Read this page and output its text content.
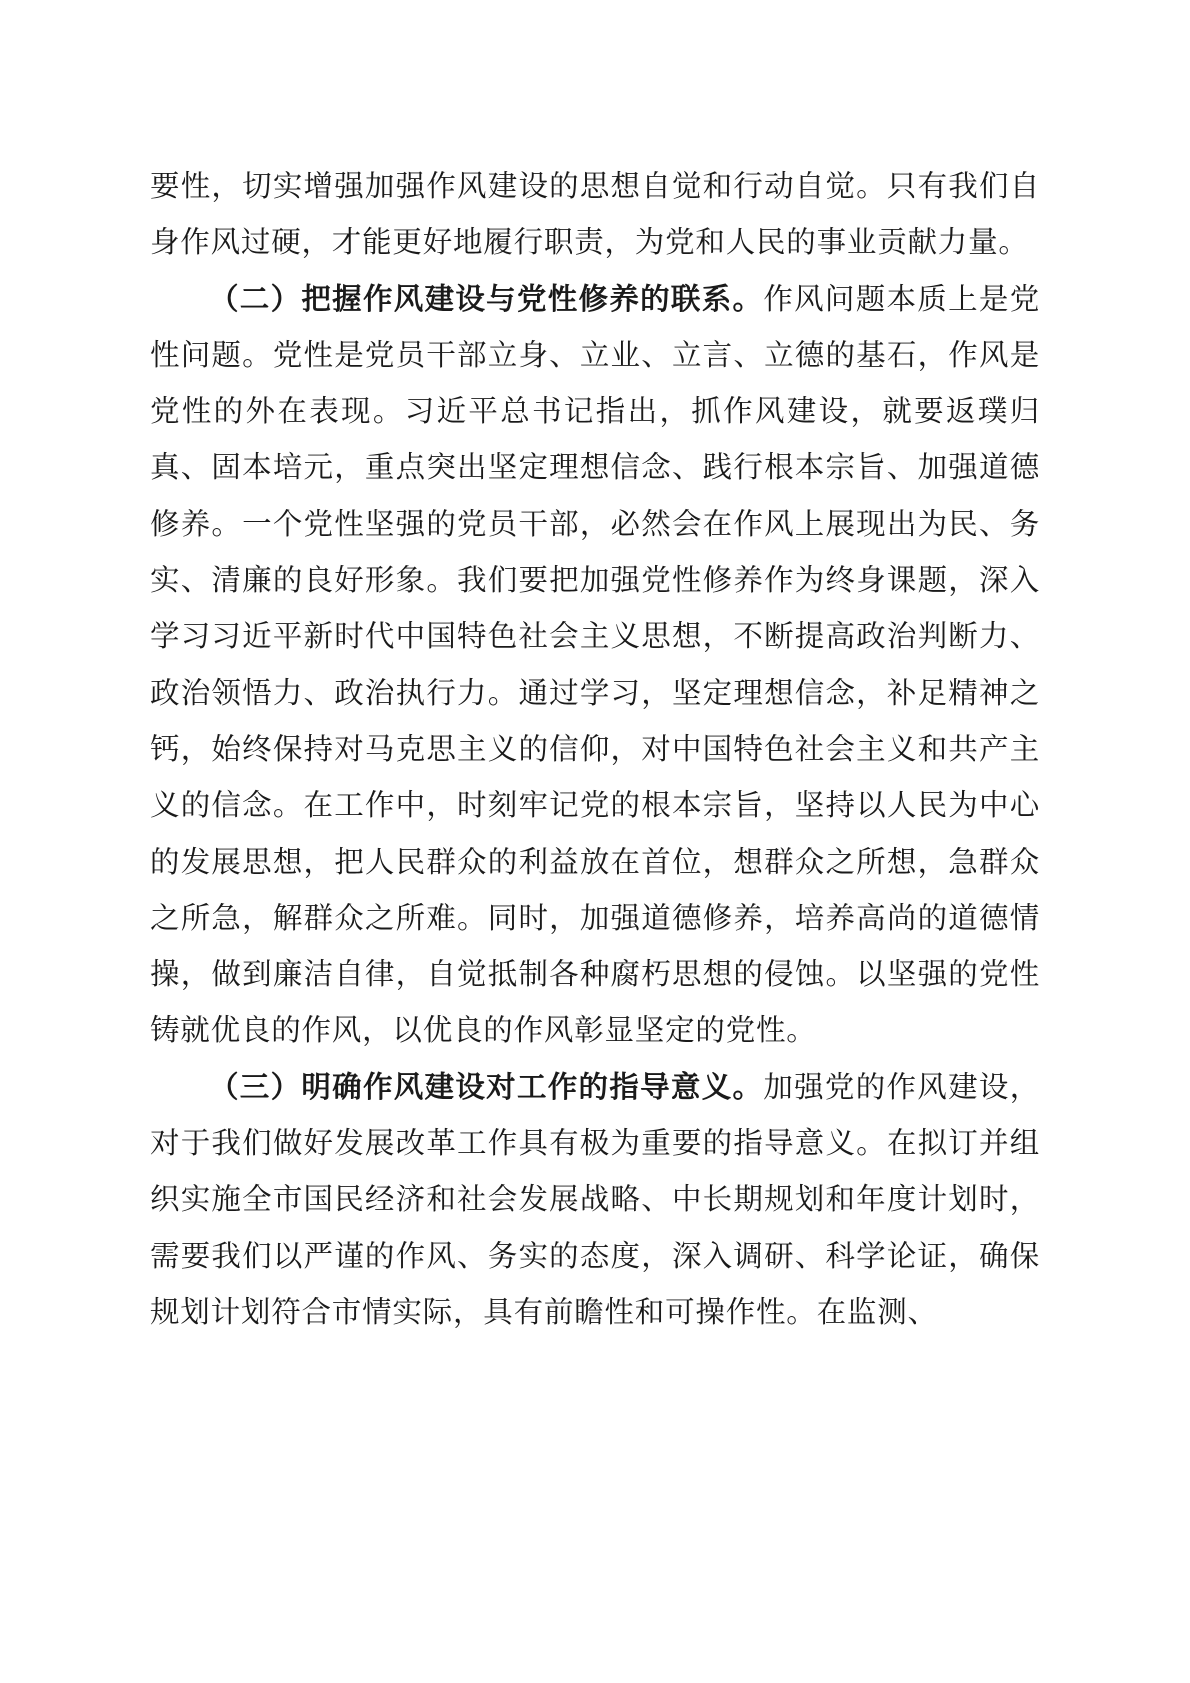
要性，切实增强加强作风建设的思想自觉和行动自觉。只有我们自身作风过硬，才能更好地履行职责，为党和人民的事业贡献力量。

（二）把握作风建设与党性修养的联系。作风问题本质上是党性问题。党性是党员干部立身、立业、立言、立德的基石，作风是党性的外在表现。习近平总书记指出，抓作风建设，就要返璞归真、固本培元，重点突出坚定理想信念、践行根本宗旨、加强道德修养。一个党性坚强的党员干部，必然会在作风上展现出为民、务实、清廉的良好形象。我们要把加强党性修养作为终身课题，深入学习习近平新时代中国特色社会主义思想，不断提高政治判断力、政治领悟力、政治执行力。通过学习，坚定理想信念，补足精神之钙，始终保持对马克思主义的信仰，对中国特色社会主义和共产主义的信念。在工作中，时刻牢记党的根本宗旨，坚持以人民为中心的发展思想，把人民群众的利益放在首位，想群众之所想，急群众之所急，解群众之所难。同时，加强道德修养，培养高尚的道德情操，做到廉洁自律，自觉抵制各种腐朽思想的侵蚀。以坚强的党性铸就优良的作风，以优良的作风彰显坚定的党性。

（三）明确作风建设对工作的指导意义。加强党的作风建设，对于我们做好发展改革工作具有极为重要的指导意义。在拟订并组织实施全市国民经济和社会发展战略、中长期规划和年度计划时，需要我们以严谨的作风、务实的态度，深入调研、科学论证，确保规划计划符合市情实际，具有前瞻性和可操作性。在监测、
